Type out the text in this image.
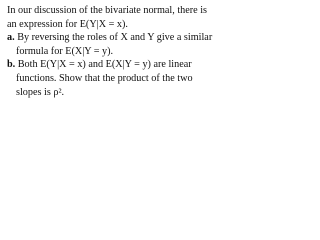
In our discussion of the bivariate normal, there is
an expression for E(Y|X = x).
a. By reversing the roles of X and Y give a similar
formula for E(X|Y = y).
b. Both E(Y|X = x) and E(X|Y = y) are linear
functions. Show that the product of the two
slopes is ρ².
